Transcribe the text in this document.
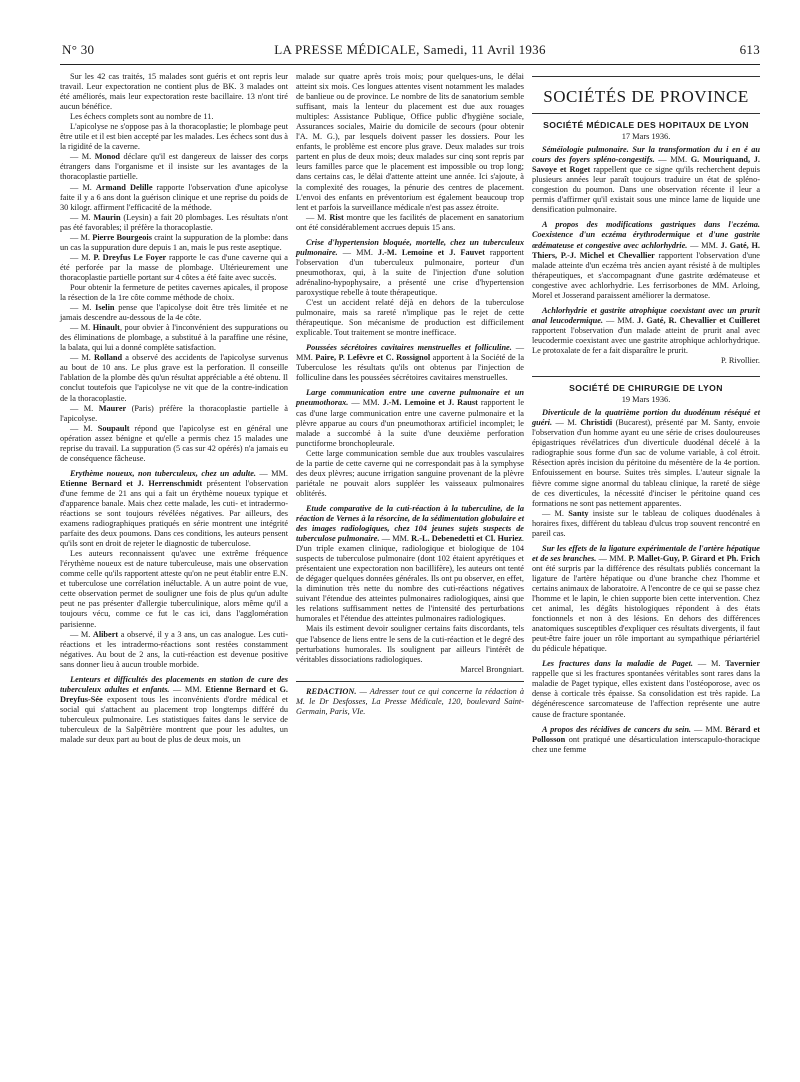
N° 30	LA PRESSE MÉDICALE, Samedi, 11 Avril 1936	613

Sur les 42 cas traités, 15 malades sont guéris et ont repris leur travail. Leur expectoration ne contient plus de BK. 3 malades ont été améliorés, mais leur expectoration reste bacillaire. 13 n'ont tiré aucun bénéfice.

Les échecs complets sont au nombre de 11.

L'apicolyse ne s'oppose pas à la thoracoplastie; le plombage peut être utile et il est bien accepté par les malades. Les échecs sont dus à la rigidité de la caverne.

— M. Monod déclare qu'il est dangereux de laisser des corps étrangers dans l'organisme et il insiste sur les avantages de la thoracoplastie partielle.

— M. Armand Delille rapporte l'observation d'une apicolyse faite il y a 6 ans dont la guérison clinique et une reprise du poids de 30 kilogr. affirment l'efficacité de la méthode.

— M. Maurin (Leysin) a fait 20 plombages. Les résultats n'ont pas été favorables; il préfère la thoracoplastie.

— M. Pierre Bourgeois craint la suppuration de la plombe: dans un cas la suppuration dure depuis 1 an, mais le pus reste aseptique.

— M. P. Dreyfus Le Foyer rapporte le cas d'une caverne qui a été perforée par la masse de plombage. Ultérieurement une thoracoplastie partielle portant sur 4 côtes a été faite avec succès.

Pour obtenir la fermeture de petites cavernes apicales, il propose la résection de la 1re côte comme méthode de choix.

— M. Iselin pense que l'apicolyse doit être très limitée et ne jamais descendre au-dessous de la 4e côte.

— M. Hinault, pour obvier à l'inconvénient des suppurations ou des éliminations de plombage, a substitué à la paraffine une résine, la balata, qui lui a donné complète satisfaction.

— M. Rolland a observé des accidents de l'apicolyse survenus au bout de 10 ans. Le plus grave est la perforation. Il conseille l'ablation de la plombe dès qu'un résultat appréciable a été obtenu. Il conclut toutefois que l'apicolyse ne vit que de la contre-indication de la thoracoplastie.

— M. Maurer (Paris) préfère la thoracoplastie partielle à l'apicolyse.

— M. Soupault répond que l'apicolyse est en général une opération assez bénigne et qu'elle a permis chez 15 malades une reprise du travail. La suppuration (5 cas sur 42 opérés) n'a jamais eu de conséquence fâcheuse.

Erythème noueux, non tuberculeux, chez un adulte. — MM. Etienne Bernard et J. Herrenschmidt présentent l'observation d'une femme de 21 ans qui a fait un érythème noueux typique et d'apparence banale. Mais chez cette malade, les cuti- et intradermo-réactions se sont toujours révélées négatives. Par ailleurs, des examens radiographiques pratiqués en série montrent une intégrité parfaite des deux poumons. Dans ces conditions, les auteurs pensent qu'ils sont en droit de rejeter le diagnostic de tuberculose.

Les auteurs reconnaissent qu'avec une extrême fréquence l'érythème noueux est de nature tuberculeuse, mais une observation comme celle qu'ils rapportent atteste qu'on ne peut établir entre E.N. et tuberculose une corrélation inéluctable. A un autre point de vue, cette observation permet de souligner une fois de plus qu'un adulte peut ne pas présenter d'allergie tuberculinique, alors même qu'il a toujours vécu, comme ce fut le cas ici, dans l'agglomération parisienne.

— M. Alibert a observé, il y a 3 ans, un cas analogue. Les cuti-réactions et les intradermo-réactions sont restées constamment négatives. Au bout de 2 ans, la cuti-réaction est devenue positive sans donner lieu à aucun trouble morbide.

Lenteurs et difficultés des placements en station de cure des tuberculeux adultes et enfants. — MM. Etienne Bernard et G. Dreyfus-Sée exposent tous les inconvénients d'ordre médical et social qui s'attachent au placement trop longtemps différé du tuberculeux pulmonaire. Les statistiques faites dans le service de tuberculeux de la Salpêtrière montrent que pour les adultes, un malade sur deux part au bout de plus de deux mois, un

malade sur quatre après trois mois; pour quelques-uns, le délai atteint six mois. Ces longues attentes visent notamment les malades de banlieue ou de province. Le nombre de lits de sanatorium semble suffisant, mais la lenteur du placement est due aux rouages multiples: Assistance Publique, Office public d'hygiène sociale, Assurances sociales, Mairie du domicile de secours (pour obtenir l'A. M. G.), par lesquels doivent passer les dossiers. Pour les enfants, le problème est encore plus grave. Deux malades sur trois partent en plus de deux mois; deux malades sur cinq sont repris par leurs familles parce que le placement est impossible ou trop long; dans certains cas, le délai d'attente atteint une année. Ici s'ajoute, à la complexité des rouages, la pénurie des centres de placement. L'envoi des enfants en préventorium est également beaucoup trop lent et parfois la surveillance médicale n'est pas assez étroite.

— M. Rist montre que les facilités de placement en sanatorium ont été considérablement accrues depuis 15 ans.

Crise d'hypertension bloquée, mortelle, chez un tuberculeux pulmonaire. — MM. J.-M. Lemoine et J. Fauvet rapportent l'observation d'un tuberculeux pulmonaire, porteur d'un pneumothorax, qui, à la suite de l'injection d'une solution adrénalino-hypophysaire, a présenté une crise d'hypertension paroxystique rebelle à toute thérapeutique.

C'est un accident relaté déjà en dehors de la tuberculose pulmonaire, mais sa rareté n'implique pas le rejet de cette thérapeutique. Son mécanisme de production est difficilement explicable. Tout traitement se montre inefficace.

Poussées sécrétoires cavitaires menstruelles et folliculine. — MM. Paire, P. Lefèvre et C. Rossignol apportent à la Société de la Tuberculose les résultats qu'ils ont obtenus par l'injection de folliculine dans les poussées sécrétoires cavitaires menstruelles.

Large communication entre une caverne pulmonaire et un pneumothorax. — MM. J.-M. Lemoine et J. Raust rapportent le cas d'une large communication entre une caverne pulmonaire et la plèvre apparue au cours d'un pneumothorax artificiel incomplet; le malade a succombé à la suite d'une deuxième perforation punctiforme bronchopleurale.

Cette large communication semble due aux troubles vasculaires de la partie de cette caverne qui ne correspondait pas à la symphyse des deux plèvres; aucune irrigation sanguine provenant de la plèvre pariétale ne pouvait alors suppléer les vaisseaux pulmonaires oblitérés.

Etude comparative de la cuti-réaction à la tuberculine, de la réaction de Vernes à la résorcine, de la sédimentation globulaire et des images radiologiques, chez 104 jeunes sujets suspects de tuberculose pulmonaire. — MM. R.-L. Debenedetti et Cl. Huriez. D'un triple examen clinique, radiologique et biologique de 104 suspects de tuberculose pulmonaire (dont 102 étaient apyrétiques et présentaient une expectoration non bacillifère), les auteurs ont tenté de dégager quelques données générales. Ils ont pu observer, en effet, la diminution très nette du nombre des cuti-réactions négatives suivant l'étendue des atteintes pulmonaires radiologiques, ainsi que les relations suffisamment nettes de l'intensité des perturbations humorales et l'étendue des atteintes pulmonaires radiologiques.

Mais ils estiment devoir souligner certains faits discordants, tels que l'absence de liens entre le sens de la cuti-réaction et le degré des perturbations humorales. Ils soulignent par ailleurs l'intérêt de véritables dissociations radiologiques.

Marcel Brongniart.

REDACTION. — Adresser tout ce qui concerne la rédaction à M. le Dr Desfosses, La Presse Médicale, 120, boulevard Saint-Germain, Paris, VIe.

SOCIÉTÉS DE PROVINCE
SOCIÉTÉ MÉDICALE DES HOPITAUX DE LYON
17 Mars 1936.

Séméiologie pulmonaire. Sur la transformation du i en é au cours des foyers spléno-congestifs. — MM. G. Mouriquand, J. Savoye et Roget rappellent que ce signe qu'ils recherchent depuis plusieurs années leur paraît toujours traduire un état de spléno-congestion du poumon. Dans une observation récente il leur a permis d'affirmer qu'il existait sous une mince lame de liquide une densification pulmonaire.

A propos des modifications gastriques dans l'eczéma. Coexistence d'un eczéma érythrodermique et d'une gastrite œdémateuse et congestive avec achlorhydrie. — MM. J. Gaté, H. Thiers, P.-J. Michel et Chevallier rapportent l'observation d'une malade atteinte d'un eczéma très ancien ayant résisté à de multiples thérapeutiques, et s'accompagnant d'une gastrite œdémateuse et congestive avec achlorhydrie. Les ferrisorbones de MM. Arloing, Morel et Josserand paraissent améliorer la dermatose.

Achlorhydrie et gastrite atrophique coexistant avec un prurit anal leucodermique. — MM. J. Gaté, R. Chevallier et Cuilleret rapportent l'observation d'un malade atteint de prurit anal avec leucodermie coexistant avec une gastrite atrophique achlorhydrique. Le protoxalate de fer a fait disparaître le prurit.

P. Rivollier.

SOCIÉTÉ DE CHIRURGIE DE LYON
19 Mars 1936.

Diverticule de la quatrième portion du duodénum réséqué et guéri. — M. Christidi (Bucarest), présenté par M. Santy, envoie l'observation d'un homme ayant eu une série de crises douloureuses épigastriques révélatrices d'un diverticule duodénal décelé à la radiographie sous forme d'un sac de volume variable, à col étroit. Résection après incision du péritoine du mésentère de la 4e portion. Enfouissement en bourse. Suites très simples. L'auteur signale la fièvre comme signe anormal du tableau clinique, la rareté de siège de ces diverticules, la nécessité d'inciser le péritoine quand ces formations ne sont pas nettement apparentes.

— M. Santy insiste sur le tableau de coliques duodénales à horaires fixes, différent du tableau d'ulcus trop souvent rencontré en pareil cas.

Sur les effets de la ligature expérimentale de l'artère hépatique et de ses branches. — MM. P. Mallet-Guy, P. Girard et Ph. Frich ont été surpris par la différence des résultats publiés concernant la ligature de l'artère hépatique ou d'une branche chez l'homme et certains animaux de laboratoire. A l'encontre de ce qui se passe chez l'homme et le lapin, le chien supporte bien cette intervention. Chez cet animal, les dégâts histologiques répondent à des états fonctionnels et non à des lésions. En dehors des différences anatomiques susceptibles d'expliquer ces résultats divergents, il faut peut-être faire jouer un rôle important au sympathique périartériel du pédicule hépatique.

Les fractures dans la maladie de Paget. — M. Tavernier rappelle que si les fractures spontanées véritables sont rares dans la maladie de Paget typique, elles existent dans l'ostéoporose, avec os dense à corticale très épaisse. Sa consolidation est très rapide. La dégénérescence sarcomateuse de l'affection représente une autre cause de fracture spontanée.

A propos des récidives de cancers du sein. — MM. Bérard et Pollosson ont pratiqué une désarticulation interscapulo-thoracique chez une femme
